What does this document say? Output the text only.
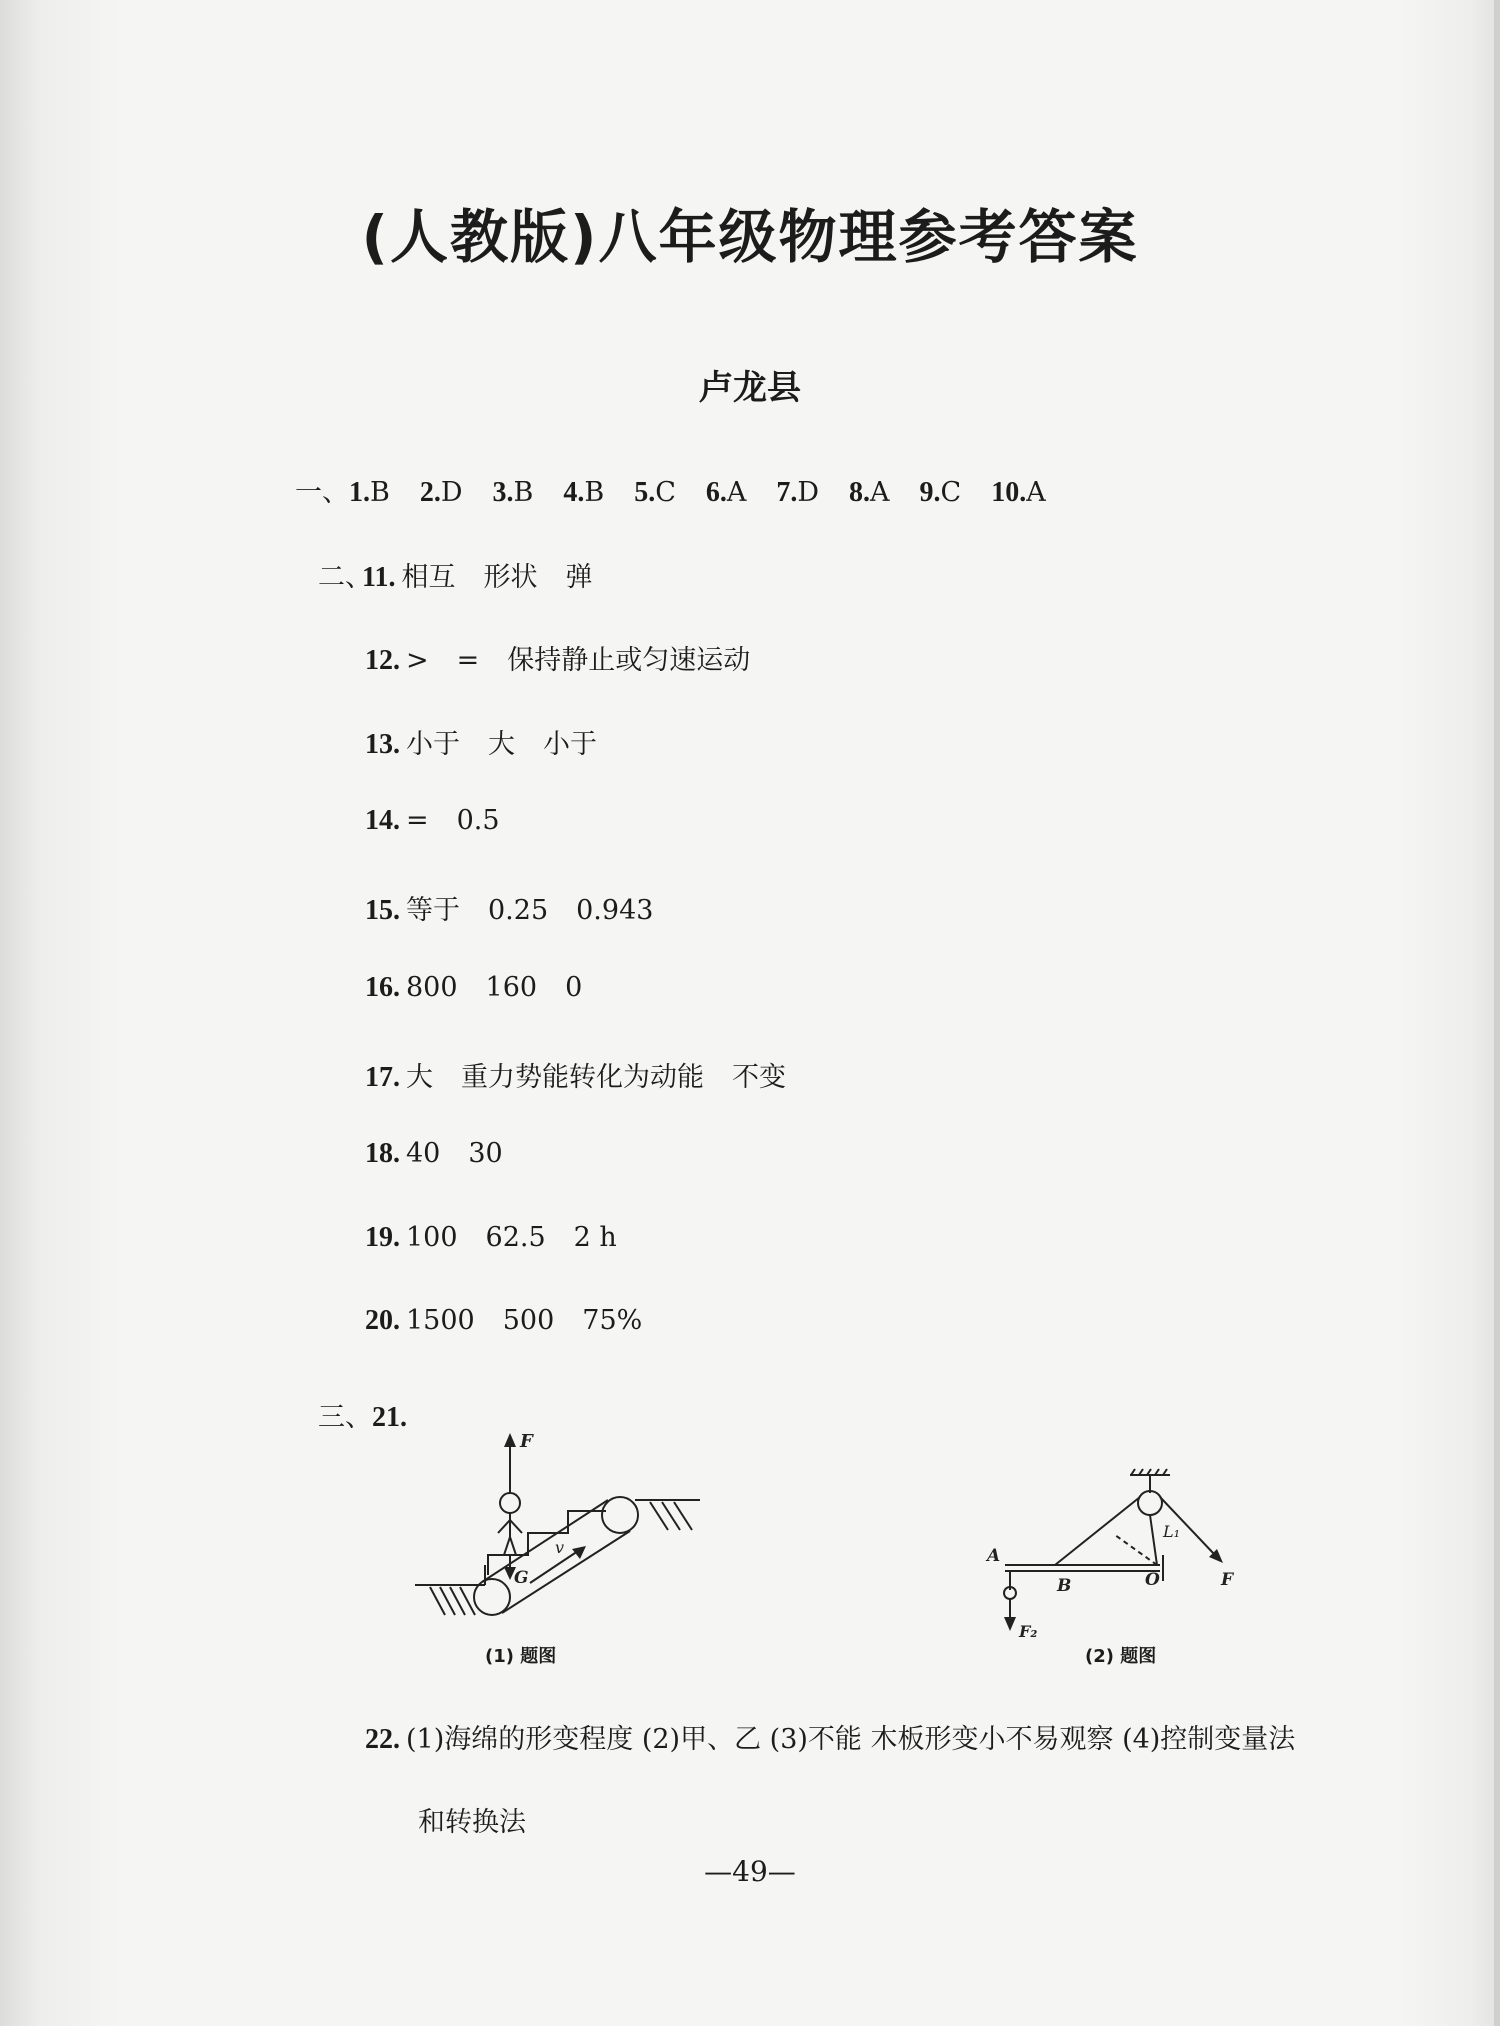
(人教版)八年级物理参考答案
卢龙县
一、1.B 2.D 3.B 4.B 5.C 6.A 7.D 8.A 9.C 10.A
二、
11. 相互 形状 弹
12. > = 保持静止或匀速运动
13. 小于 大 小于
14. = 0.5
15. 等于 0.25 0.943
16. 800 160 0
17. 大 重力势能转化为动能 不变
18. 40 30
19. 100 62.5 2 h
20. 1500 500 75%
三、21.
F
G
v
(1) 题图
A
B	O
L₁
F
F₂
(2) 题图
22. (1)海绵的形变程度 (2)甲、乙 (3)不能 木板形变小不易观察 (4)控制变量法
和转换法
—49—
